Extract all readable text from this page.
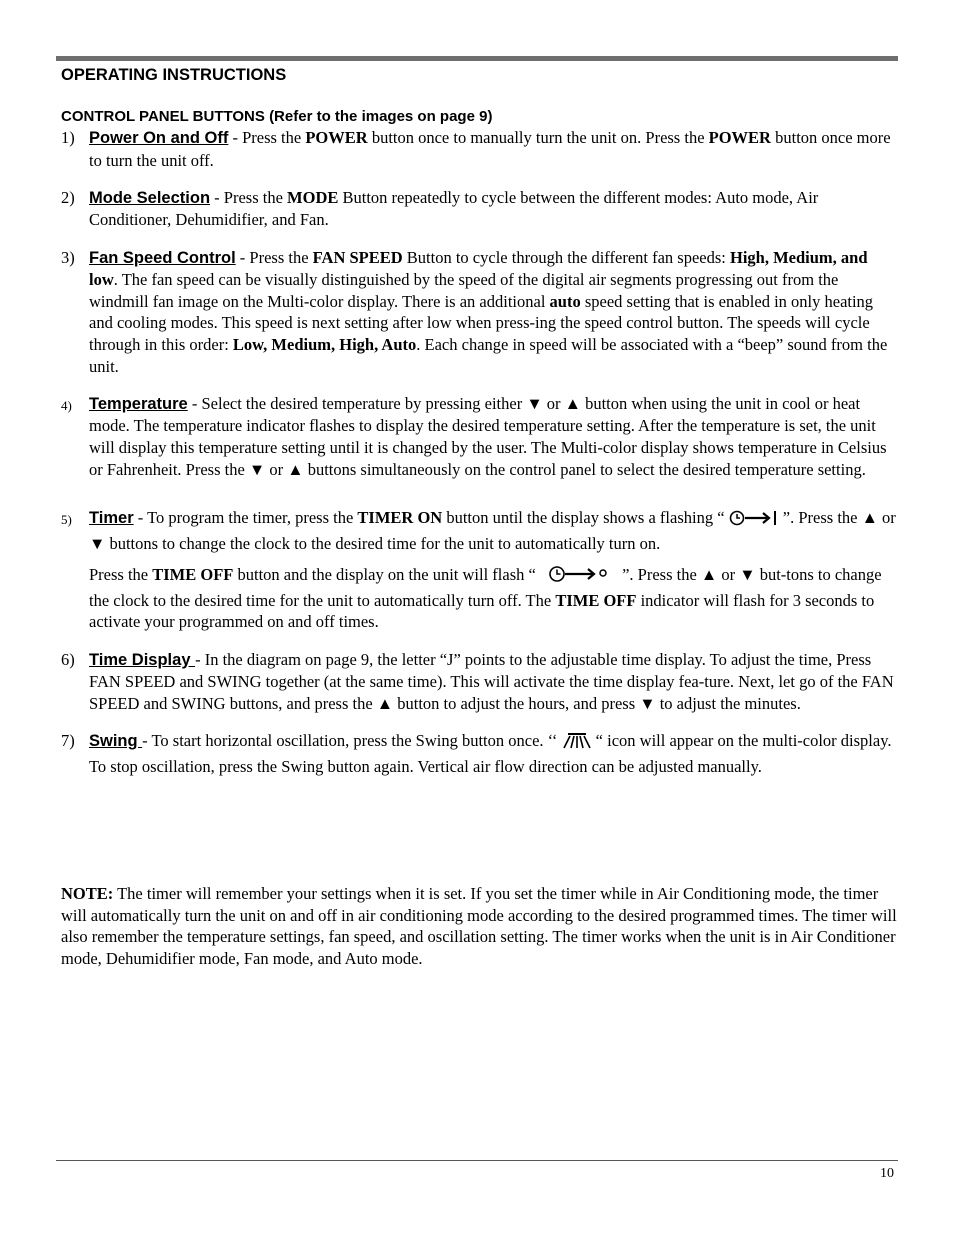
OPERATING INSTRUCTIONS
CONTROL PANEL BUTTONS (Refer to the images on page 9)
1) Power On and Off - Press the POWER button once to manually turn the unit on. Press the POWER button once more to turn the unit off.
2) Mode Selection - Press the MODE Button repeatedly to cycle between the different modes: Auto mode, Air Conditioner, Dehumidifier, and Fan.
3) Fan Speed Control - Press the FAN SPEED Button to cycle through the different fan speeds: High, Medium, and low. The fan speed can be visually distinguished by the speed of the digital air segments progressing out from the windmill fan image on the Multi-color display. There is an additional auto speed setting that is enabled in only heating and cooling modes. This speed is next setting after low when press-ing the speed control button. The speeds will cycle through in this order: Low, Medium, High, Auto. Each change in speed will be associated with a “beep” sound from the unit.
4) Temperature - Select the desired temperature by pressing either ▼ or ▲ button when using the unit in cool or heat mode. The temperature indicator flashes to display the desired temperature setting. After the temperature is set, the unit will display this temperature setting until it is changed by the user. The Multi-color display shows temperature in Celsius or Fahrenheit. Press the ▼ or ▲ buttons simultaneously on the control panel to select the desired temperature setting.
5) Timer - To program the timer, press the TIMER ON button until the display shows a flashing “	”. Press the ▲ or ▼ buttons to change the clock to the desired time for the unit to automatically turn on.
Press the TIME OFF button and the display on the unit will flash “	”. Press the ▲ or ▼ but-tons to change the clock to the desired time for the unit to automatically turn off. The TIME OFF indicator will flash for 3 seconds to activate your programmed on and off times.
6) Time Display - In the diagram on page 9, the letter “J” points to the adjustable time display. To adjust the time, Press FAN SPEED and SWING together (at the same time). This will activate the time display fea-ture. Next, let go of the FAN SPEED and SWING buttons, and press the ▲ button to adjust the hours, and press ▼ to adjust the minutes.
7) Swing - To start horizontal oscillation, press the Swing button once. ‘‘  “ icon will appear on the multi-color display. To stop oscillation, press the Swing button again. Vertical air flow direction can be adjusted manually.
NOTE: The timer will remember your settings when it is set. If you set the timer while in Air Conditioning mode, the timer will automatically turn the unit on and off in air conditioning mode according to the desired programmed times. The timer will also remember the temperature settings, fan speed, and oscillation setting. The timer works when the unit is in Air Conditioner mode, Dehumidifier mode, Fan mode, and Auto mode.
10
